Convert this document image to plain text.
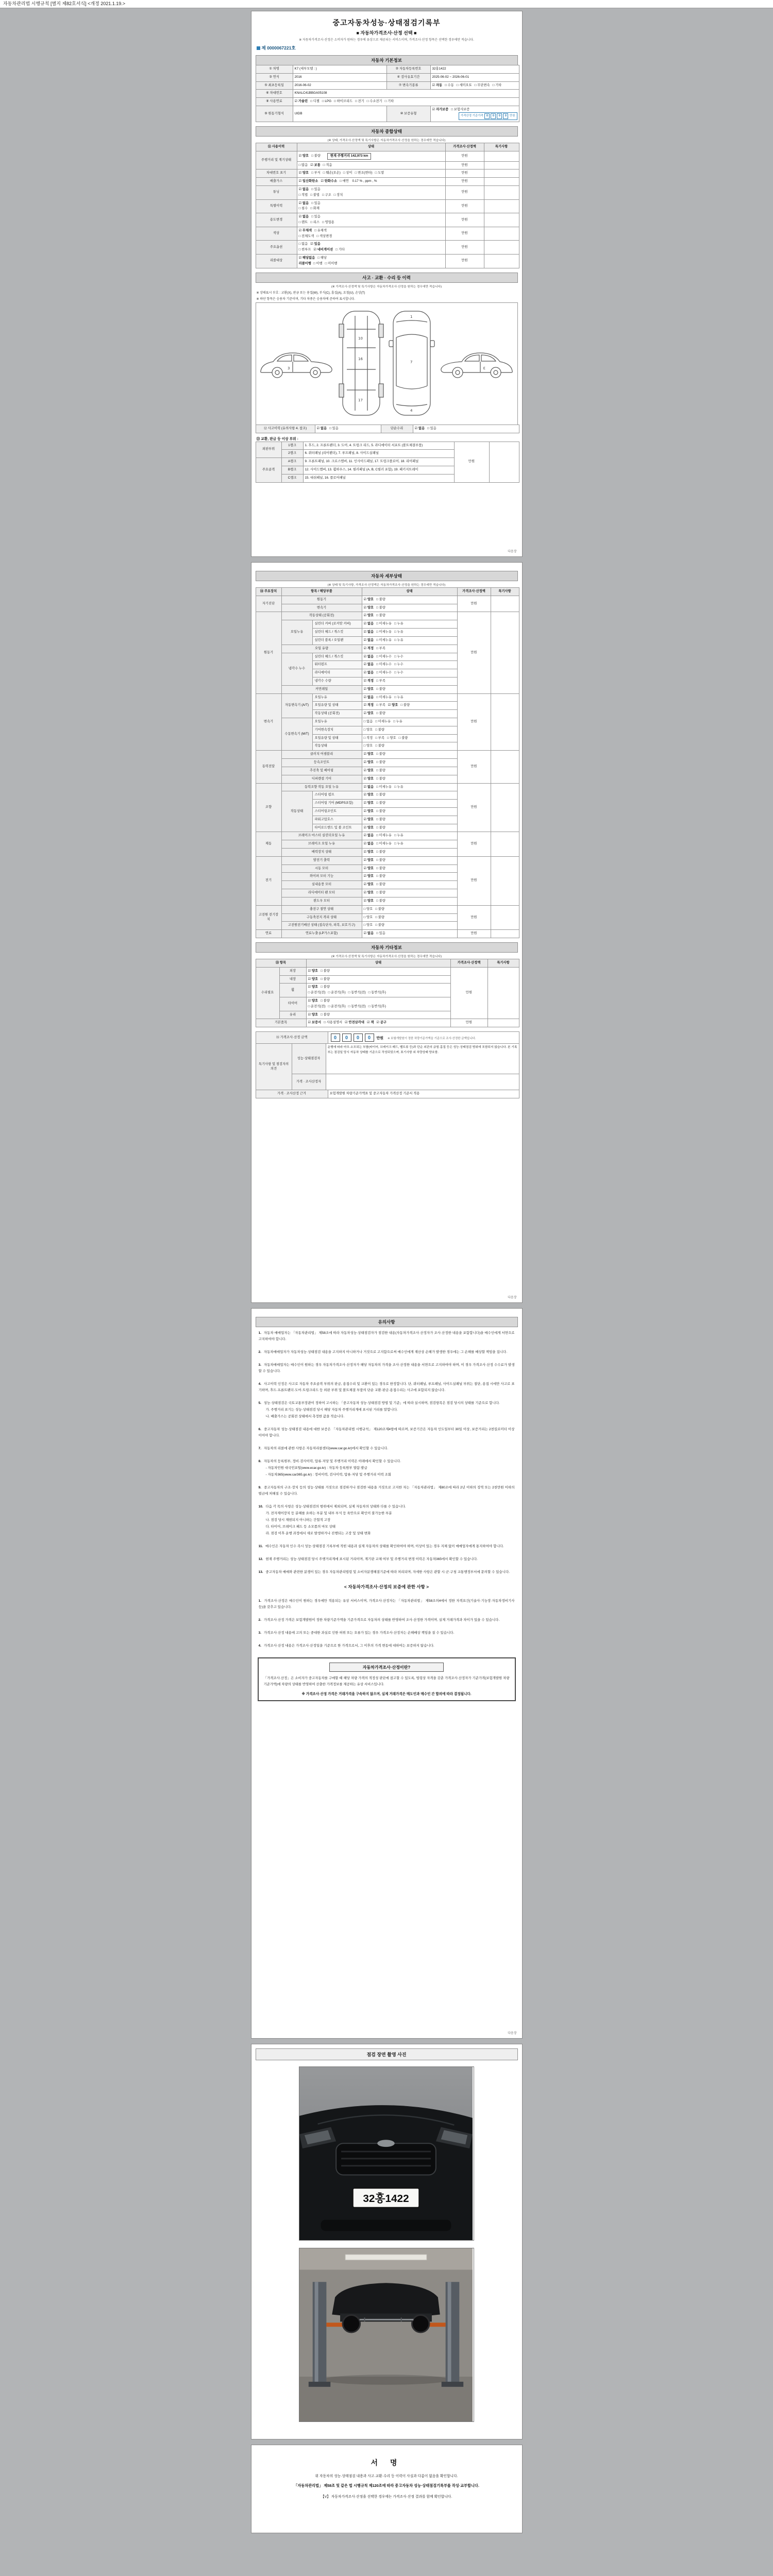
자동차관리법 시행규칙 [별지 제82호서식] <개정 2021.1.19.>
중고자동차성능·상태점검기록부
■ 자동차가격조사·산정 선택 ■
※ 자동차가격조사·산정은 소비자가 원하는 경우에 유상으로 제공되는 서비스이며, 가격조사·산정 항목은 선택한 경우에만 적습니다.
제 0000067221호
자동차 기본정보
① 차명	K7 (세부모델 : )	② 자동차등록번호	32홍1422
③ 연식	2016	④ 검사유효기간	2025-06-02 ~ 2026-06-01
⑤ 최초등록일	2016-06-02	⑦ 변속기종류	☑ 자동 □ 수동 □ 세미오토 □ 무단변속 □ 기타
⑥ 차대번호	KNALC41BBGA05108		
⑧ 사용연료	☑ 가솔린 □ 디젤 □ LPG □ 하이브리드 □ 전기 □ 수소전기 □ 기타		
⑨ 원동기형식	UIDB	⑩ 보증유형	☑ 자가보증 □ 보험사보증
가격산정 기준가격 0 0 0 0 만원
자동차 종합상태
(※ 상태, 가격조사·산정액 및 특기사항은 자동차가격조사·산정을 원하는 경우에만 적습니다)
⑪ 사용이력	상태	가격조사·산정액	특기사항
주행거리 및 계기상태	☑ 양호 □ 불량 현재 주행거리 142,973 km	만원	
	□ 많음 ☑ 보통 □ 적음	만원	
차대번호 표기	☑ 양호 □ 부식 □ 훼손(오손) □ 상이 □ 변조(변타) □ 도말	만원	
배출가스	☑ 일산화탄소 ☑ 탄화수소 □ 매연 0.17 % , ppm , %	만원	
튜닝	☑ 없음 □ 있음
□ 적법 □ 불법 □ 구조 □ 장치	만원	
특별이력	☑ 없음 □ 있음
□ 침수 □ 화재	만원	
용도변경	☑ 없음 □ 있음
□ 렌트 □ 리스 □ 영업용	만원	
색상	☑ 무채색 □ 유채색
□ 전체도색 □ 색상변경	만원	
주요옵션	□ 없음 ☑ 있음
□ 썬루프 ☑ 네비게이션 □ 기타	만원	
리콜대상	☑ 해당없음 □ 해당
리콜이행 □ 이행 □ 미이행	만원	
사고 · 교환 · 수리 등 이력
(※ 가격조사·산정액 및 특기사항은 자동차가격조사·산정을 원하는 경우에만 적습니다)
※ 상태표시 부호 : 교환(X), 판금 또는 용접(W), 부식(C), 흠집(A), 요철(U), 손상(T)
※ 하단 항목은 승용차 기준이며, 기타 차종은 승용차에 준하여 표시합니다.
3
10
16
17
1
7
4
3
⑫ 사고이력 (유의사항 4. 참조)	☑ 없음 □ 있음	단순수리	☑ 없음 □ 있음
⑬ 교환, 판금 등 이상 부위 :
외판부위	1랭크	1. 후드, 2. 프론트펜더, 3. 도어, 4. 트렁크 리드, 5. 라디에이터 서포트 (볼트체결부품)	만원	
	2랭크	6. 쿼터패널 (리어펜더), 7. 루프패널, 8. 사이드실패널		
주요골격	A랭크	9. 프론트패널, 10. 크로스멤버, 11. 인사이드패널, 17. 트렁크플로어, 18. 리어패널		
	B랭크	12. 사이드멤버, 13. 휠하우스, 14. 필러패널 (A, B, C필러 포함), 19. 패키지트레이		
	C랭크	15. 대쉬패널, 16. 플로어패널		
다음장
자동차 세부상태
(※ 상태 및 특기사항, 가격조사·산정액은 자동차가격조사·산정을 원하는 경우에만 적습니다)
⑭ 주요장치	항목 / 해당부품		상태	가격조사·산정액	특기사항
자기진단	원동기		☑ 양호 □ 불량	만원	
	변속기		☑ 양호 □ 불량		
원동기	작동상태 (공회전)		☑ 양호 □ 불량	만원	
	오일누유	실린더 커버 (로커암 커버)	☑ 없음 □ 미세누유 □ 누유		
		실린더 헤드 / 개스킷	☑ 없음 □ 미세누유 □ 누유		
		실린더 블록 / 오일팬	☑ 없음 □ 미세누유 □ 누유		
	오일 유량		☑ 적정 □ 부족		
	냉각수 누수	실린더 헤드 / 개스킷	☑ 없음 □ 미세누수 □ 누수		
		워터펌프	☑ 없음 □ 미세누수 □ 누수		
		라디에이터	☑ 없음 □ 미세누수 □ 누수		
		냉각수 수량	☑ 적정 □ 부족		
	커먼레일		☑ 양호 □ 불량		
변속기	자동변속기 (A/T)	오일누유	☑ 없음 □ 미세누유 □ 누유	만원	
		오일유량 및 상태	☑ 적정 □ 부족 ☑ 양호 □ 불량		
		작동상태 (공회전)	☑ 양호 □ 불량		
	수동변속기 (M/T)	오일누유	□ 없음 □ 미세누유 □ 누유		
		기어변속장치	□ 양호 □ 불량		
		오일유량 및 상태	□ 적정 □ 부족 □ 양호 □ 불량		
		작동상태	□ 양호 □ 불량		
동력전달	클러치 어셈블리		☑ 양호 □ 불량	만원	
	등속조인트		☑ 양호 □ 불량		
	추진축 및 베어링		☑ 양호 □ 불량		
	디퍼렌셜 기어		☑ 양호 □ 불량		
조향	동력조향 작동 오일 누유		☑ 없음 □ 미세누유 □ 누유	만원	
	작동상태	스티어링 펌프	☑ 양호 □ 불량		
		스티어링 기어 (MDPS포함)	☑ 양호 □ 불량		
		스티어링조인트	☑ 양호 □ 불량		
		파워고압호스	☑ 양호 □ 불량		
		타이로드엔드 및 볼 조인트	☑ 양호 □ 불량		
제동	브레이크 마스터 실린더오일 누유		☑ 없음 □ 미세누유 □ 누유	만원	
	브레이크 오일 누유		☑ 없음 □ 미세누유 □ 누유		
	배력장치 상태		☑ 양호 □ 불량		
전기	발전기 출력		☑ 양호 □ 불량	만원	
	시동 모터		☑ 양호 □ 불량		
	와이퍼 모터 기능		☑ 양호 □ 불량		
	실내송풍 모터		☑ 양호 □ 불량		
	라디에이터 팬 모터		☑ 양호 □ 불량		
	윈도우 모터		☑ 양호 □ 불량		
고전원 전기장치	충전구 절연 상태		□ 양호 □ 불량	만원	
	구동축전지 격리 상태		□ 양호 □ 불량		
	고전원전기배선 상태 (접속단자, 피복, 보호기구)		□ 양호 □ 불량		
연료	연료누출 (LP가스포함)		☑ 없음 □ 있음	만원	
자동차 기타정보
(※ 가격조사·산정액 및 특기사항은 자동차가격조사·산정을 원하는 경우에만 적습니다)
⑮ 항목		상태	가격조사·산정액	특기사항
수리필요	외장	☑ 양호 □ 불량	만원	
	내장	☑ 양호 □ 불량		
	휠	☑ 양호 □ 불량
□ 운전석(전) □ 운전석(후) □ 동반석(전) □ 동반석(후)		

	타이어	☑ 양호 □ 불량
□ 운전석(전) □ 운전석(후) □ 동반석(전) □ 동반석(후)		

	유리	☑ 양호 □ 불량		
기본품목		☑ 보증서 □ 사용설명서 ☑ 안전삼각대 ☑ 잭 ☑ 공구	만원	
⑯ 가격조사·산정 금액	0 0 0 0 만원 ※ 보험개발원이 정한 차량기준가액을 기준으로 조사·산정한 금액입니다.
특기사항 및 점검자의 의견	성능·상태점검자	운행에 따라 마모·소모되는 부품(타이어, 브레이크 패드, 벨트류 등)과 단순 외관의 긁힘·흠집 등은 성능·상태점검 범위에 포함되지 않습니다. 본 기록부는 점검일 당시 자동차 상태를 기준으로 작성되었으며, 표기사항 외 차량상태 양호함.
	가격 · 조사산정자	
가격 · 조사산정 근거	보험개발원 차량기준가액표 및 중고자동차 가격산정 기준서 적용
다음장
유의사항
1. 자동차 매매업자는 「자동차관리법」 제58조에 따라 자동차성능·상태점검자가 점검한 내용(자동차가격조사·산정자가 조사·산정한 내용을 포함합니다)을 매수인에게 서면으로 고지하여야 합니다.
2. 자동차매매업자가 자동차성능·상태점검 내용을 고지하지 아니하거나 거짓으로 고지함으로써 매수인에게 재산상 손해가 발생한 경우에는 그 손해를 배상할 책임을 집니다.
3. 자동차매매업자는 매수인이 원하는 경우 자동차가격조사·산정자가 해당 자동차의 가격을 조사·산정한 내용을 서면으로 고지하여야 하며, 이 경우 가격조사·산정 수수료가 발생할 수 있습니다.
4. 사고이력 인정은 사고로 자동차 주요골격 부위의 판금, 용접수리 및 교환이 있는 경우로 한정합니다. 단, 쿼터패널, 루프패널, 사이드실패널 부위는 절단, 용접 시에만 사고로 표기하며, 후드·프론트펜더·도어·트렁크리드 등 외판 부위 및 볼트체결 부품의 단순 교환·판금·용접수리는 사고에 포함되지 않습니다.
5. 성능·상태점검은 국토교통부장관이 정하여 고시하는 「중고자동차 성능·상태점검 방법 및 기준」에 따라 실시하며, 점검항목은 점검 당시의 상태를 기준으로 합니다.
가. 주행거리 표기는 성능·상태점검 당시 해당 자동차 주행거리계에 표시된 거리를 말합니다.
나. 배출가스는 공회전 상태에서 측정한 값을 적습니다.
6. 중고자동차 성능·상태점검 내용에 대한 보증은 「자동차관리법 시행규칙」 제120조제4항에 따르며, 보증기간은 자동차 인도일부터 30일 이상, 보증거리는 2천킬로미터 이상이어야 합니다.
7. 자동차의 리콜에 관한 사항은 자동차리콜센터(www.car.go.kr)에서 확인할 수 있습니다.
8. 자동차의 등록원부, 정비·검사이력, 압류·저당 및 주행거리 이력은 아래에서 확인할 수 있습니다.
- 자동차민원 대국민포털(www.ecar.go.kr) : 자동차 등록원부 열람·발급
- 자동차365(www.car365.go.kr) : 정비이력, 검사이력, 압류·저당 및 주행거리 이력 조회
9. 중고자동차의 구조·장치 등의 성능·상태를 거짓으로 점검하거나 점검한 내용을 거짓으로 고지한 자는 「자동차관리법」 제80조에 따라 2년 이하의 징역 또는 2천만원 이하의 벌금에 처해질 수 있습니다.
10. 다음 각 목의 사항은 성능·상태점검의 범위에서 제외되며, 실제 자동차의 상태와 다를 수 있습니다.
가. 전자제어장치 등 분해를 요하는 부분 및 내부 부식 등 육안으로 확인이 불가능한 부분
나. 점검 당시 재현되지 아니하는 간헐적 고장
다. 타이어, 브레이크 패드 등 소모품의 마모 상태
라. 점검 이후 운행 과정에서 새로 발생하거나 진행되는 고장 및 상태 변화
11. 매수인은 자동차 인수 즉시 성능·상태점검 기록부에 적힌 내용과 실제 자동차의 상태를 확인하여야 하며, 이상이 있는 경우 지체 없이 매매업자에게 통지하여야 합니다.
12. 현재 주행거리는 성능·상태점검 당시 주행거리계에 표시된 거리이며, 계기판 교체 여부 및 주행거리 변경 이력은 자동차365에서 확인할 수 있습니다.
13. 중고자동차 매매와 관련한 분쟁이 있는 경우 자동차관리법령 및 소비자분쟁해결기준에 따라 처리되며, 자세한 사항은 관할 시·군·구청 교통행정부서에 문의할 수 있습니다.
< 자동차가격조사·산정의 보증에 관한 사항 >
1. 가격조사·산정은 매수인이 원하는 경우에만 적용되는 유상 서비스이며, 가격조사·산정자는 「자동차관리법」 제58조의4에서 정한 자격요건(기술사·기능장·자동차정비기사 등)을 갖추고 있습니다.
2. 가격조사·산정 가격은 보험개발원이 정한 차량기준가액을 기준가격으로 자동차의 상태를 반영하여 조사·산정한 가격이며, 실제 거래가격과 차이가 있을 수 있습니다.
3. 가격조사·산정 내용에 고의 또는 중대한 과실로 인한 허위 또는 오류가 있는 경우 가격조사·산정자는 손해배상 책임을 질 수 있습니다.
4. 가격조사·산정 내용은 가격조사·산정일을 기준으로 한 가격으로서, 그 이후의 가격 변동에 대하여는 보증하지 않습니다.
자동차가격조사·산정이란?
「가격조사·산정」은 소비자가 중고자동차를 구매할 때 해당 차량 가격의 적정성 판단에 참고할 수 있도록, 법령상 자격을 갖춘 가격조사·산정자가 기준가격(보험개발원 차량기준가액)에 차량의 상태를 반영하여 산출한 가격정보를 제공하는 유상 서비스입니다.
※ 가격조사·산정 가격은 거래가격을 구속하지 않으며, 실제 거래가격은 매도인과 매수인 간 합의에 따라 결정됩니다.
다음장
점검 장면 촬영 사진
32홍1422
서 명
위 자동차의 성능·상태점검 내용과 사고·교환·수리 등 이력이 사실과 다름이 없음을 확인합니다.
「자동차관리법」 제58조 및 같은 법 시행규칙 제120조에 따라 중고자동차 성능·상태점검기록부를 작성·교부합니다.
【V】 자동차가격조사·산정을 선택한 경우에는 가격조사·산정 결과를 함께 확인합니다.
